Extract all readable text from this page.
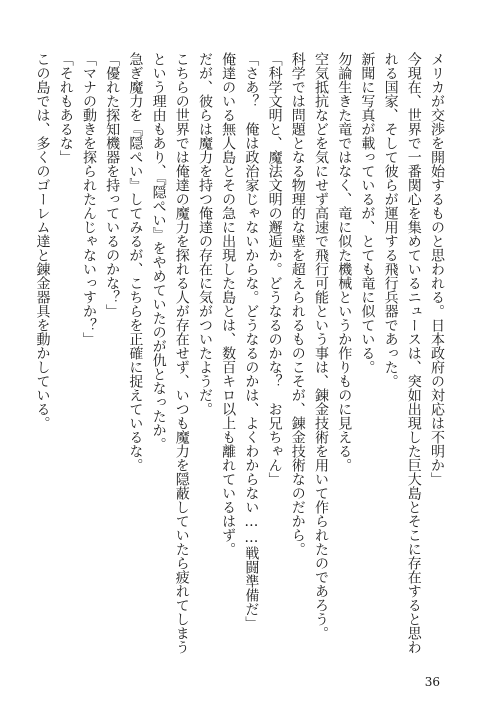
メリカが交渉を開始するものと思われる。日本政府の対応は不明か」
今現在、世界で一番関心を集めているニュースは、突如出現した巨大島とそこに存在すると思わ
れる国家、そして彼らが運用する飛行兵器であった。
新聞に写真が載っているが、とても竜に似ている。
勿論生きた竜ではなく、竜に似た機械というか作りものに見える。
空気抵抗などを気にせず高速で飛行可能という事は、錬金技術を用いて作られたのであろう。
科学では問題となる物理的な壁を超えられるものこそが、錬金技術なのだから。
「科学文明と、魔法文明の邂逅か。どうなるのかな？　お兄ちゃん」
「さあ？　俺は政治家じゃないからな。どうなるのかは、よくわからない……戦闘準備だ」
俺達のいる無人島とその急に出現した島とは、数百キロ以上も離れているはず。
だが、彼らは魔力を持つ俺達の存在に気がついたようだ。
こちらの世界では俺達の魔力を探れる人が存在せず、いつも魔力を隠蔽していたら疲れてしまう
という理由もあり、『隠ぺい』をやめていたのが仇となったか。
急ぎ魔力を『隠ぺい』してみるが、こちらを正確に捉えているな。
「優れた探知機器を持っているのかな？」
「マナの動きを探られたんじゃないっすか？」
「それもあるな」
この島では、多くのゴーレム達と錬金器具を動かしている。
36
